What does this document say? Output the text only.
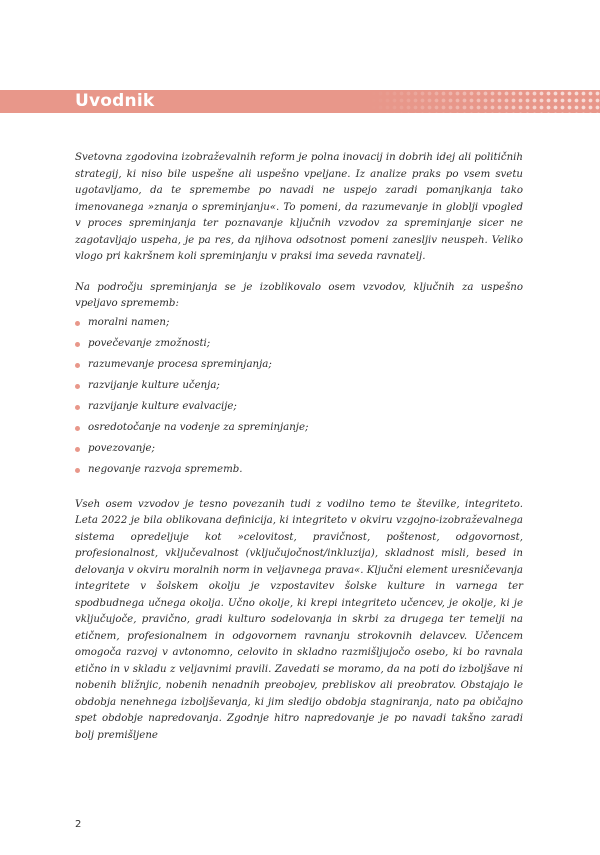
Uvodnik

Svetovna zgodovina izobraževalnih reform je polna inovacij in dobrih idej ali političnih strategij, ki niso bile uspešne ali uspešno vpeljane. Iz analize praks po vsem svetu ugotavljamo, da te spremembe po navadi ne uspejo zaradi pomanjkanja tako imenovanega »znanja o spreminjanju«. To pomeni, da razumevanje in globlji vpogled v proces spreminjanja ter poznavanje ključnih vzvodov za spreminjanje sicer ne zagotavljajo uspeha, je pa res, da njihova odsotnost pomeni zanesljiv neuspeh. Veliko vlogo pri kakršnem koli spreminjanju v praksi ima seveda ravnatelj.

Na področju spreminjanja se je izoblikovalo osem vzvodov, ključnih za uspešno vpeljavo sprememb:

moralni namen;
povečevanje zmožnosti;
razumevanje procesa spreminjanja;
razvijanje kulture učenja;
razvijanje kulture evalvacije;
osredotočanje na vodenje za spreminjanje;
povezovanje;
negovanje razvoja sprememb.

Vseh osem vzvodov je tesno povezanih tudi z vodilno temo te številke, integriteto. Leta 2022 je bila oblikovana definicija, ki integriteto v okviru vzgojno-izobraževalnega sistema opredeljuje kot »celovitost, pravičnost, poštenost, odgovornost, profesionalnost, vključevalnost (vključujočnost/inkluzija), skladnost misli, besed in delovanja v okviru moralnih norm in veljavnega prava«. Ključni element uresničevanja integritete v šolskem okolju je vzpostavitev šolske kulture in varnega ter spodbudnega učnega okolja. Učno okolje, ki krepi integriteto učencev, je okolje, ki je vključujoče, pravično, gradi kulturo sodelovanja in skrbi za drugega ter temelji na etičnem, profesionalnem in odgovornem ravnanju strokovnih delavcev. Učencem omogoča razvoj v avtonomno, celovito in skladno razmišljujočo osebo, ki bo ravnala etično in v skladu z veljavnimi pravili. Zavedati se moramo, da na poti do izboljšave ni nobenih bližnjic, nobenih nenadnih preobojev, prebliskov ali preobratov. Obstajajo le obdobja nenehnega izboljševanja, ki jim sledijo obdobja stagniranja, nato pa običajno spet obdobje napredovanja. Zgodnje hitro napredovanje je po navadi takšno zaradi bolj premišljene

2
